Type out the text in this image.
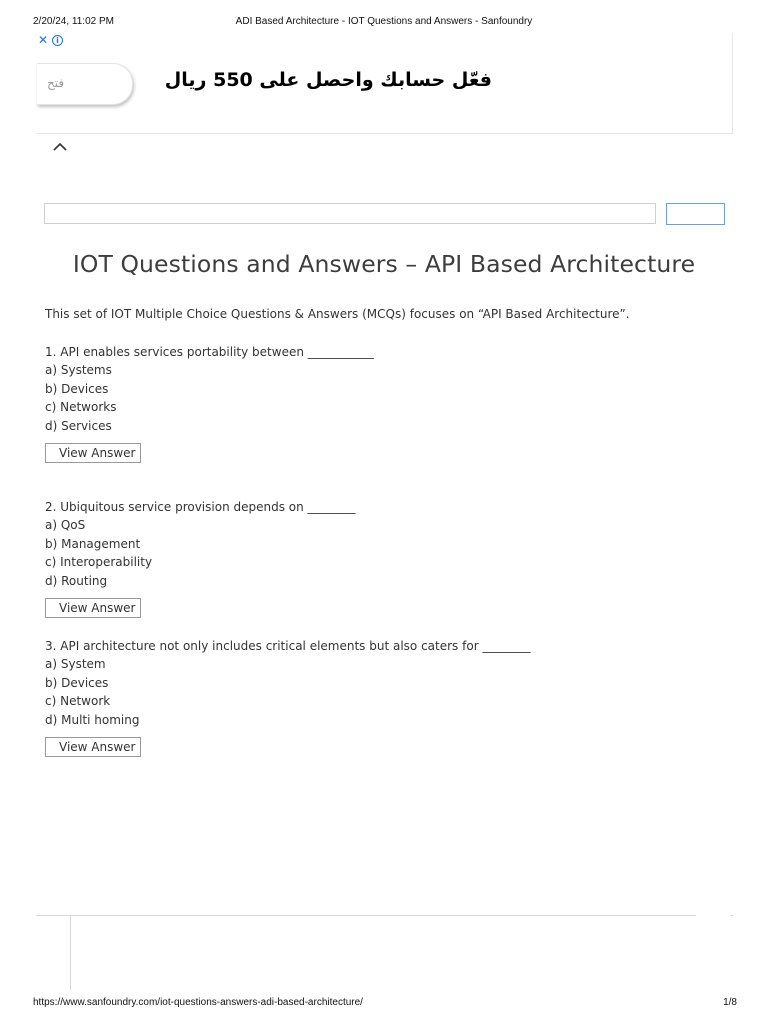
2/20/24, 11:02 PM	ADI Based Architecture - IOT Questions and Answers - Sanfoundry
✕	i
فتح	فعّل حسابك واحصل على 550 ريال
IOT Questions and Answers – API Based Architecture

This set of IOT Multiple Choice Questions & Answers (MCQs) focuses on “API Based Architecture”.

1. API enables services portability between ___________
a) Systems
b) Devices
c) Networks
d) Services
View Answer
2. Ubiquitous service provision depends on ________
a) QoS
b) Management
c) Interoperability
d) Routing
View Answer
3. API architecture not only includes critical elements but also caters for ________
a) System
b) Devices
c) Network
d) Multi homing
View Answer
https://www.sanfoundry.com/iot-questions-answers-adi-based-architecture/	1/8
